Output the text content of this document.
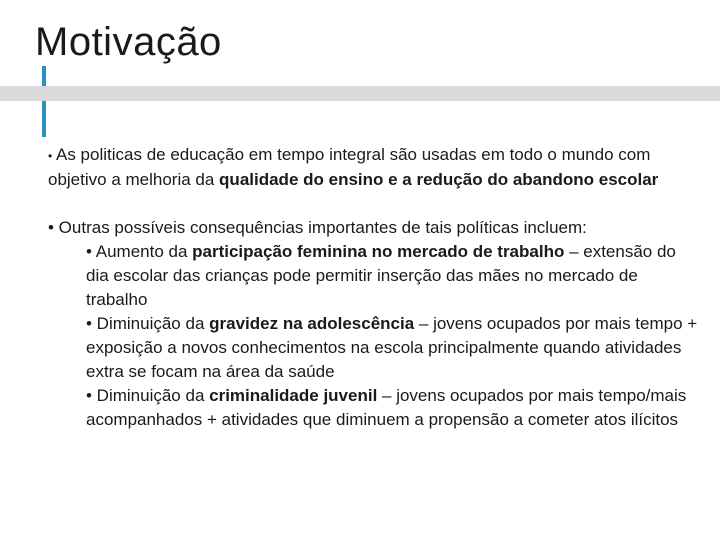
Motivação

• As politicas de educação em tempo integral são usadas em todo o mundo com objetivo a melhoria da qualidade do ensino e a redução do abandono escolar

• Outras possíveis consequências importantes de tais políticas incluem:

• Aumento da participação feminina no mercado de trabalho – extensão do dia escolar das crianças pode permitir inserção das mães no mercado de trabalho

• Diminuição da gravidez na adolescência – jovens ocupados por mais tempo + exposição a novos conhecimentos na escola principalmente quando atividades extra se focam na área da saúde

• Diminuição da criminalidade juvenil – jovens ocupados por mais tempo/mais acompanhados + atividades que diminuem a propensão a cometer atos ilícitos
